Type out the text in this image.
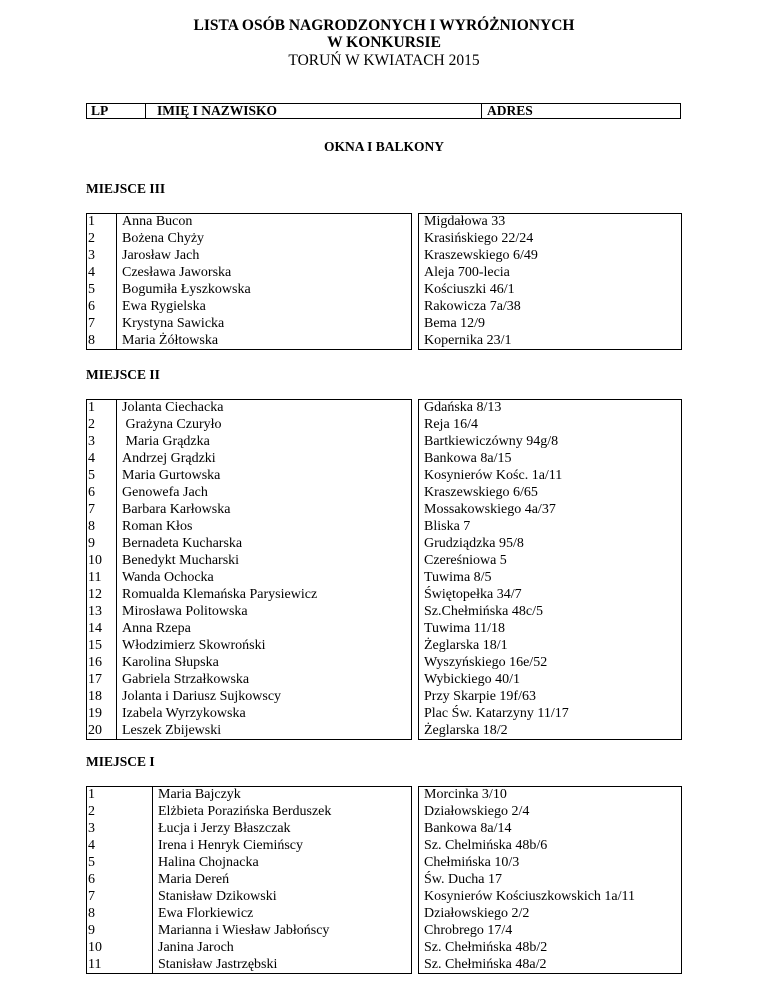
LISTA OSÓB NAGRODZONYCH I WYRÓŻNIONYCH
W KONKURSIE
TORUŃ W KWIATACH 2015
LP	IMIĘ I NAZWISKO	ADRES
OKNA I BALKONY
MIEJSCE III
MIEJSCE II
MIEJSCE I
1	Anna Bucon	Migdałowa 33
2	Bożena Chyży	Krasińskiego 22/24
3	Jarosław Jach	Kraszewskiego 6/49
4	Czesława Jaworska	Aleja 700-lecia
5	Bogumiła Łyszkowska	Kościuszki 46/1
6	Ewa Rygielska	Rakowicza 7a/38
7	Krystyna Sawicka	Bema 12/9
8	Maria Żółtowska	Kopernika 23/1
1	Jolanta Ciechacka	Gdańska 8/13
2	Grażyna Czuryło	Reja 16/4
3	Maria Grądzka	Bartkiewiczówny 94g/8
4	Andrzej Grądzki	Bankowa 8a/15
5	Maria Gurtowska	Kosynierów Kośc. 1a/11
6	Genowefa Jach	Kraszewskiego 6/65
7	Barbara Karłowska	Mossakowskiego 4a/37
8	Roman Kłos	Bliska 7
9	Bernadeta Kucharska	Grudziądzka 95/8
10	Benedykt Mucharski	Czereśniowa 5
11	Wanda Ochocka	Tuwima 8/5
12	Romualda Klemańska Parysiewicz	Świętopełka 34/7
13	Mirosława Politowska	Sz.Chełmińska 48c/5
14	Anna Rzepa	Tuwima 11/18
15	Włodzimierz Skowroński	Żeglarska 18/1
16	Karolina Słupska	Wyszyńskiego 16e/52
17	Gabriela Strzałkowska	Wybickiego 40/1
18	Jolanta i Dariusz Sujkowscy	Przy Skarpie 19f/63
19	Izabela Wyrzykowska	Plac Św. Katarzyny 11/17
20	Leszek Zbijewski	Żeglarska 18/2
1	Maria Bajczyk	Morcinka 3/10
2	Elżbieta Porazińska Berduszek	Działowskiego 2/4
3	Łucja i Jerzy Błaszczak	Bankowa 8a/14
4	Irena i Henryk Ciemińscy	Sz. Chelmińska 48b/6
5	Halina Chojnacka	Chełmińska 10/3
6	Maria Dereń	Św. Ducha 17
7	Stanisław Dzikowski	Kosynierów Kościuszkowskich 1a/11
8	Ewa Florkiewicz	Działowskiego 2/2
9	Marianna i Wiesław Jabłońscy	Chrobrego 17/4
10	Janina Jaroch	Sz. Chełmińska 48b/2
11	Stanisław Jastrzębski	Sz. Chełmińska 48a/2
